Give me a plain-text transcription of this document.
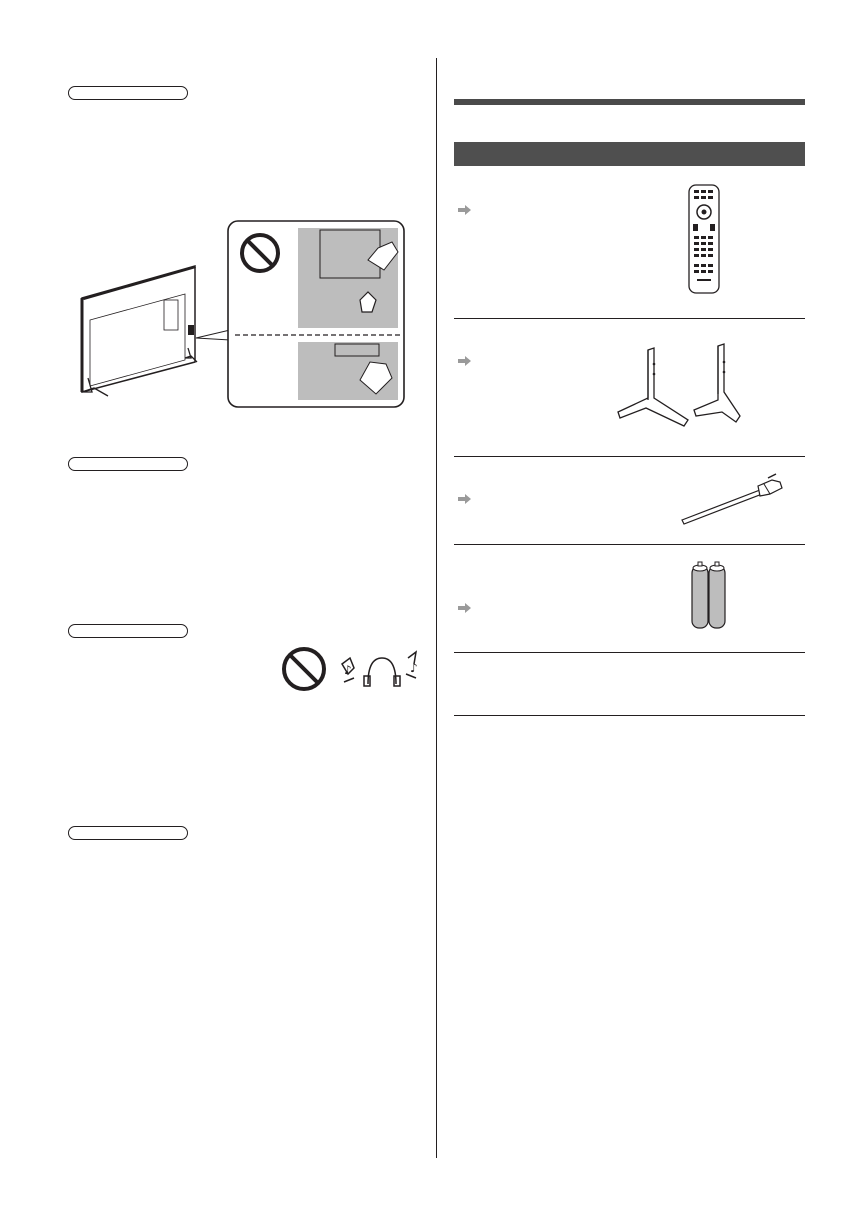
♪	♪
